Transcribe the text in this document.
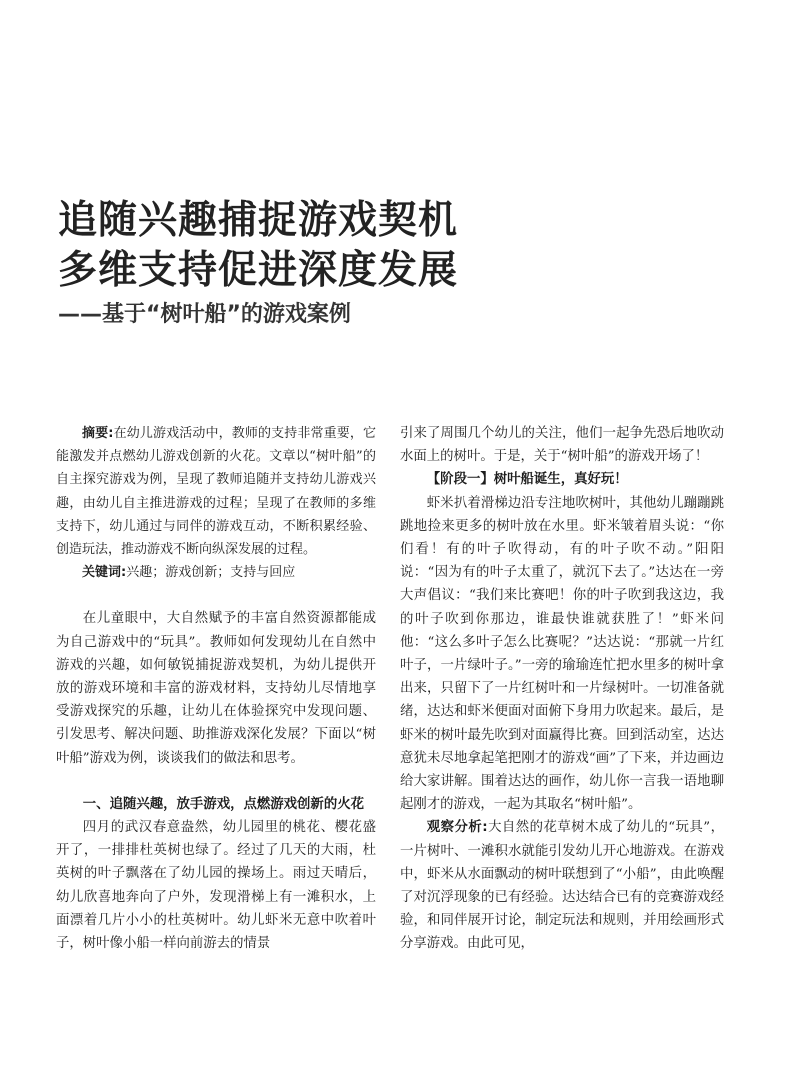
追随兴趣捕捉游戏契机
多维支持促进深度发展
——基于“树叶船”的游戏案例

摘要:在幼儿游戏活动中，教师的支持非常重要，它能激发并点燃幼儿游戏创新的火花。文章以“树叶船”的自主探究游戏为例，呈现了教师追随并支持幼儿游戏兴趣，由幼儿自主推进游戏的过程；呈现了在教师的多维支持下，幼儿通过与同伴的游戏互动，不断积累经验、创造玩法，推动游戏不断向纵深发展的过程。

关键词:兴趣；游戏创新；支持与回应

在儿童眼中，大自然赋予的丰富自然资源都能成为自己游戏中的“玩具”。教师如何发现幼儿在自然中游戏的兴趣，如何敏锐捕捉游戏契机，为幼儿提供开放的游戏环境和丰富的游戏材料，支持幼儿尽情地享受游戏探究的乐趣，让幼儿在体验探究中发现问题、引发思考、解决问题、助推游戏深化发展？下面以“树叶船”游戏为例，谈谈我们的做法和思考。

一、追随兴趣，放手游戏，点燃游戏创新的火花

四月的武汉春意盎然，幼儿园里的桃花、樱花盛开了，一排排杜英树也绿了。经过了几天的大雨，杜英树的叶子飘落在了幼儿园的操场上。雨过天晴后，幼儿欣喜地奔向了户外，发现滑梯上有一滩积水，上面漂着几片小小的杜英树叶。幼儿虾米无意中吹着叶子，树叶像小船一样向前游去的情景

引来了周围几个幼儿的关注，他们一起争先恐后地吹动水面上的树叶。于是，关于“树叶船”的游戏开场了！

【阶段一】树叶船诞生，真好玩！

虾米扒着滑梯边沿专注地吹树叶，其他幼儿蹦蹦跳跳地捡来更多的树叶放在水里。虾米皱着眉头说：“你们看！有的叶子吹得动，有的叶子吹不动。”阳阳说：“因为有的叶子太重了，就沉下去了。”达达在一旁大声倡议：“我们来比赛吧！你的叶子吹到我这边，我的叶子吹到你那边，谁最快谁就获胜了！”虾米问他：“这么多叶子怎么比赛呢？”达达说：“那就一片红叶子，一片绿叶子。”一旁的瑜瑜连忙把水里多的树叶拿出来，只留下了一片红树叶和一片绿树叶。一切准备就绪，达达和虾米便面对面俯下身用力吹起来。最后，是虾米的树叶最先吹到对面赢得比赛。回到活动室，达达意犹未尽地拿起笔把刚才的游戏“画”了下来，并边画边给大家讲解。围着达达的画作，幼儿你一言我一语地聊起刚才的游戏，一起为其取名“树叶船”。

观察分析:大自然的花草树木成了幼儿的“玩具”，一片树叶、一滩积水就能引发幼儿开心地游戏。在游戏中，虾米从水面飘动的树叶联想到了“小船”，由此唤醒了对沉浮现象的已有经验。达达结合已有的竞赛游戏经验，和同伴展开讨论，制定玩法和规则，并用绘画形式分享游戏。由此可见，
